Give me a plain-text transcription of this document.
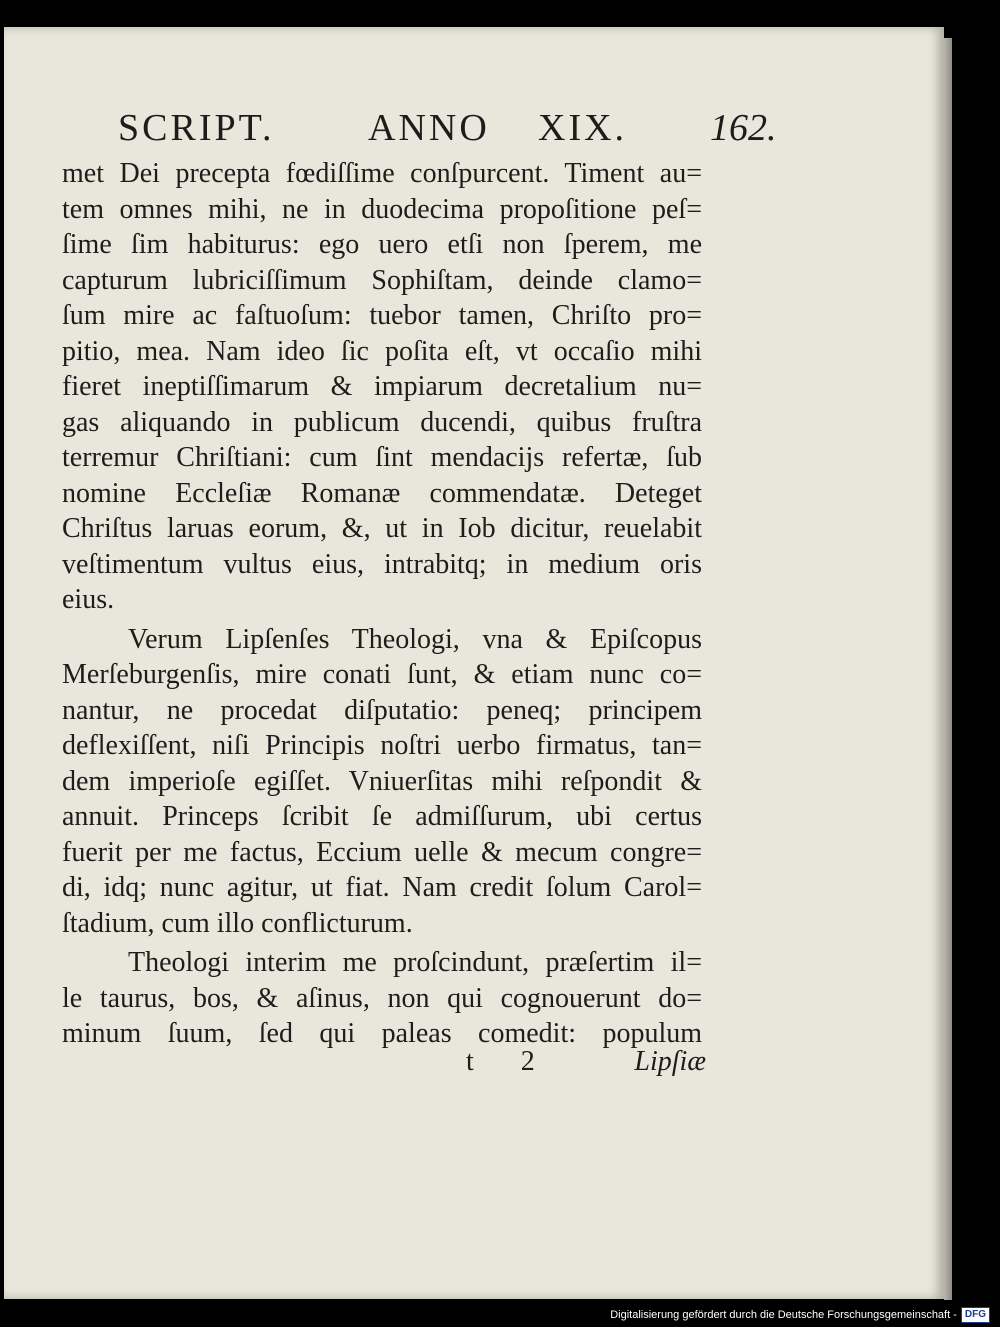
SCRIPT. ANNO XIX. 162.
met Dei precepta fœdiſſime conſpurcent. Timent au=
tem omnes mihi, ne in duodecima propoſitione peſ=
ſime ſim habiturus: ego uero etſi non ſperem, me
capturum lubriciſſimum Sophiſtam, deinde clamo=
ſum mire ac faſtuoſum: tuebor tamen, Chriſto pro=
pitio, mea. Nam ideo ſic poſita eſt, vt occaſio mihi
fieret ineptiſſimarum & impiarum decretalium nu=
gas aliquando in publicum ducendi, quibus fruſtra
terremur Chriſtiani: cum ſint mendacijs refertæ, ſub
nomine Eccleſiæ Romanæ commendatæ. Deteget
Chriſtus laruas eorum, &, ut in Iob dicitur, reuelabit
veſtimentum vultus eius, intrabitq; in medium oris
eius.
Verum Lipſenſes Theologi, vna & Epiſcopus
Merſeburgenſis, mire conati ſunt, & etiam nunc co=
nantur, ne procedat diſputatio: peneq; principem
deflexiſſent, niſi Principis noſtri uerbo firmatus, tan=
dem imperioſe egiſſet. Vniuerſitas mihi reſpondit &
annuit. Princeps ſcribit ſe admiſſurum, ubi certus
fuerit per me factus, Eccium uelle & mecum congre=
di, idq; nunc agitur, ut fiat. Nam credit ſolum Carol=
ſtadium, cum illo conflicturum.
Theologi interim me proſcindunt, præſertim il=
le taurus, bos, & aſinus, non qui cognouerunt do=
minum ſuum, ſed qui paleas comedit: populum
t 2	Lipſiæ
Digitalisierung gefördert durch die Deutsche Forschungsgemeinschaft - DFG
